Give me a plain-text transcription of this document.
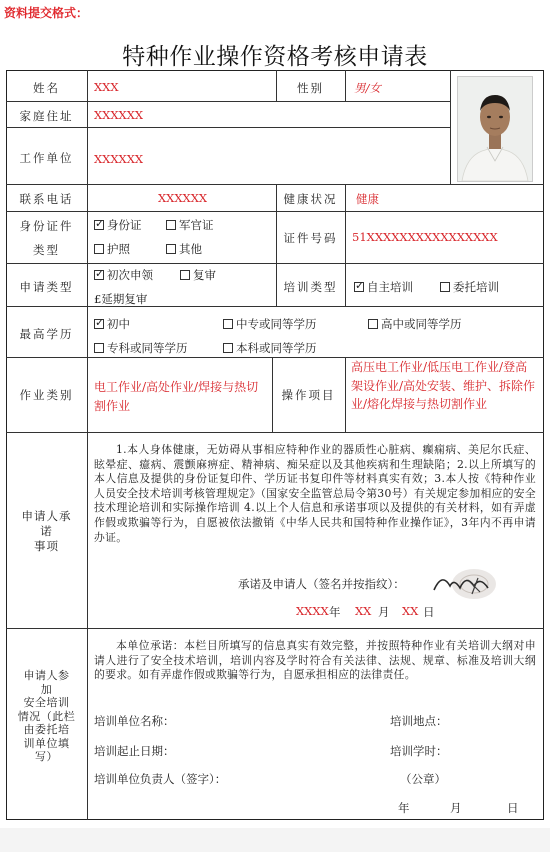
资料提交格式：
特种作业操作资格考核申请表
姓名	XXX	性别	男/女
家庭住址	XXXXXX
工作单位	XXXXXX
联系电话	XXXXXX	健康状况	健康
身份证件
类型
✓身份证	军官证
护照	其他
证件号码	51XXXXXXXXXXXXXXXX
申请类型
✓初次申领	复审
£延期复审
培训类型
✓	自主培训	委托培训
最高学历
✓初中	中专或同等学历	高中或同等学历
专科或同等学历	本科或同等学历
作业类别
电工作业/高处作业/焊接与热切割作业
操作项目
高压电工作业/低压电工作业/登高架设作业/高处安装、维护、拆除作业/熔化焊接与热切割作业
申请人承
诺
事项
1.本人身体健康，无妨碍从事相应特种作业的器质性心脏病、癫痫病、美尼尔氏症、眩晕症、癔病、震颤麻痹症、精神病、痴呆症以及其他疾病和生理缺陷；2.以上所填写的本人信息及提供的身份证复印件、学历证书复印件等材料真实有效；3.本人按《特种作业人员安全技术培训考核管理规定》（国家安全监管总局令第30号）有关规定参加相应的安全技术理论培训和实际操作培训 4.以上个人信息和承诺事项以及提供的有关材料，如有弄虚作假或欺骗等行为，自愿被依法撤销《中华人民共和国特种作业操作证》，3年内不再申请办证。
承诺及申请人（签名并按指纹）：
XXXX 年 XX 月 XX 日
申请人参
加
安全培训
情况（此栏
由委托培
训单位填
写）
本单位承诺：本栏目所填写的信息真实有效完整，并按照特种作业有关培训大纲对申请人进行了安全技术培训，培训内容及学时符合有关法律、法规、规章、标准及培训大纲的要求。如有弄虚作假或欺骗等行为，自愿承担相应的法律责任。
培训单位名称：	培训地点：
培训起止日期：	培训学时：
培训单位负责人（签字）：	（公章）
年	月	日
